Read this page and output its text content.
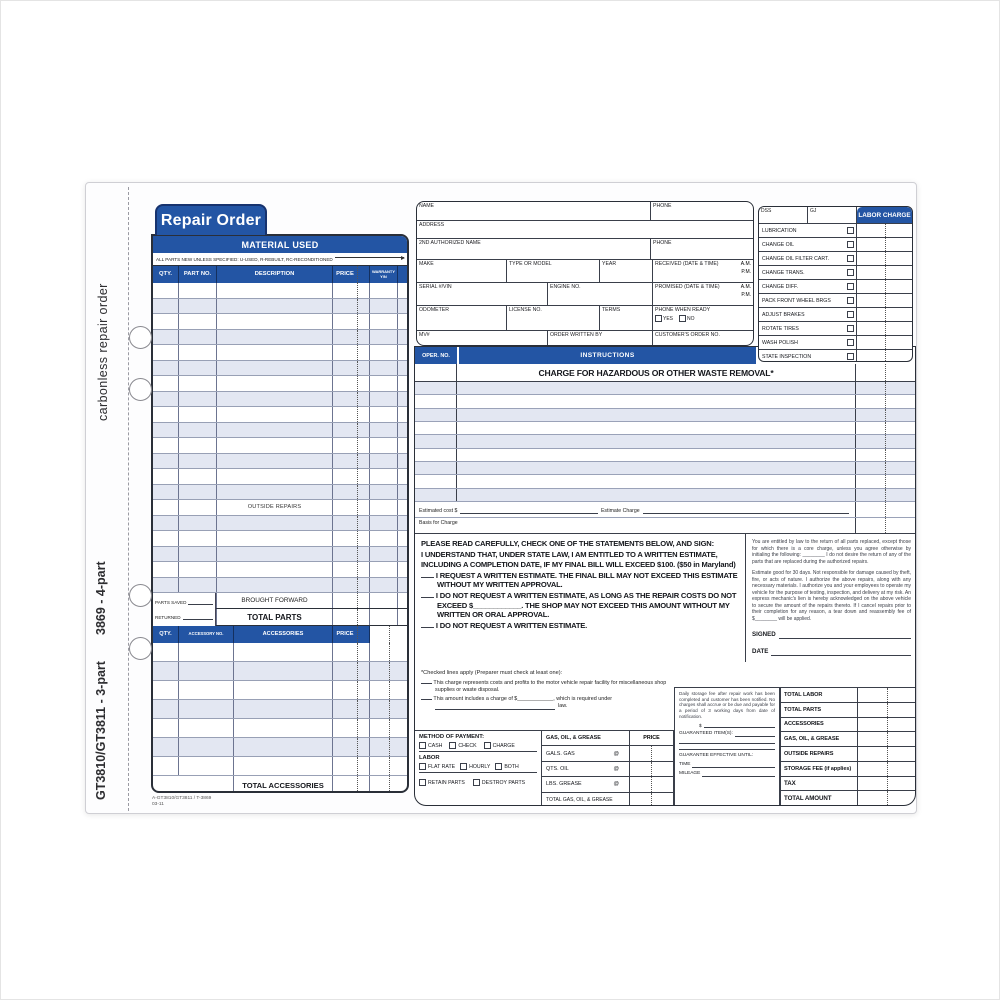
carbonless repair order
GT3810/GT3811 - 3-part
3869 - 4-part
Repair Order
MATERIAL USED
ALL PARTS NEW UNLESS SPECIFIED: U-USED, R-REBUILT, RC-RECONDITIONED
QTY.	PART NO.	DESCRIPTION	PRICE	WARRANTY
Y/N
OUTSIDE REPAIRS
BROUGHT FORWARD
TOTAL PARTS
PARTS SAVED
RETURNED
QTY.	ACCESSORY NO.	ACCESSORIES	PRICE
TOTAL ACCESSORIES
A-GT3810/GT3811 / T-3869
03-11
NAME	PHONE
ADDRESS
2ND AUTHORIZED NAME	PHONE
MAKE	TYPE OR MODEL	YEAR	RECEIVED (DATE & TIME)	A.M.
P.M.
SERIAL #/VIN	ENGINE NO.	PROMISED (DATE & TIME)	A.M.
P.M.
ODOMETER	LICENSE NO.	TERMS	PHONE WHEN READY
YES	NO
MV#	ORDER WRITTEN BY	CUSTOMER'S ORDER NO.
DSS	GJ
LABOR CHARGE
LUBRICATION
CHANGE OIL
CHANGE OIL FILTER CART.
CHANGE TRANS.
CHANGE DIFF.
PACK FRONT WHEEL BRGS
ADJUST BRAKES
ROTATE TIRES
WASH POLISH
STATE INSPECTION
OPER. NO.	INSTRUCTIONS
CHARGE FOR HAZARDOUS OR OTHER WASTE REMOVAL*
Estimated cost $	Estimate Charge
Basis for Charge
PLEASE READ CAREFULLY, CHECK ONE OF THE STATEMENTS BELOW, AND SIGN:
I UNDERSTAND THAT, UNDER STATE LAW, I AM ENTITLED TO A WRITTEN ESTIMATE, INCLUDING A COMPLETION DATE, IF MY FINAL BILL WILL EXCEED $100. ($50 in Maryland)
I REQUEST A WRITTEN ESTIMATE. THE FINAL BILL MAY NOT EXCEED THIS ESTIMATE WITHOUT MY WRITTEN APPROVAL.
I DO NOT REQUEST A WRITTEN ESTIMATE, AS LONG AS THE REPAIR COSTS DO NOT EXCEED $____________. THE SHOP MAY NOT EXCEED THIS AMOUNT WITHOUT MY WRITTEN OR ORAL APPROVAL.
I DO NOT REQUEST A WRITTEN ESTIMATE.

You are entitled by law to the return of all parts replaced, except those for which there is a core charge, unless you agree otherwise by initialing the following: ________ I do not desire the return of any of the parts that are replaced during the authorized repairs.

Estimate good for 30 days. Not responsible for damage caused by theft, fire, or acts of nature. I authorize the above repairs, along with any necessary materials. I authorize you and your employees to operate my vehicle for the purpose of testing, inspection, and delivery at my risk. An express mechanic's lien is hereby acknowledged on the above vehicle to secure the amount of the repairs thereto. If I cancel repairs prior to their completion for any reason, a tear down and reassembly fee of $________ will be applied.

SIGNED
DATE
*Checked lines apply (Preparer must check at least one):
This charge represents costs and profits to the motor vehicle repair facility for miscellaneous shop supplies or waste disposal.
This amount includes a charge of $____________, which is required under
law.
METHOD OF PAYMENT:
CASH	CHECK	CHARGE
LABOR
FLAT RATE	HOURLY	BOTH
RETAIN PARTS	DESTROY PARTS
GAS, OIL, & GREASE	PRICE
GALS. GAS	@
QTS. OIL	@
LBS. GREASE	@
TOTAL GAS, OIL, & GREASE
Daily storage fee after repair work has been completed and customer has been notified. No charges shall accrue or be due and payable for a period of 3 working days from date of notification.
$
GUARANTEED ITEM(S):
GUARANTEE EFFECTIVE UNTIL:
TIME
MILEAGE
TOTAL LABOR
TOTAL PARTS
ACCESSORIES
GAS, OIL, & GREASE
OUTSIDE REPAIRS
STORAGE FEE (if applies)
TAX
TOTAL AMOUNT
